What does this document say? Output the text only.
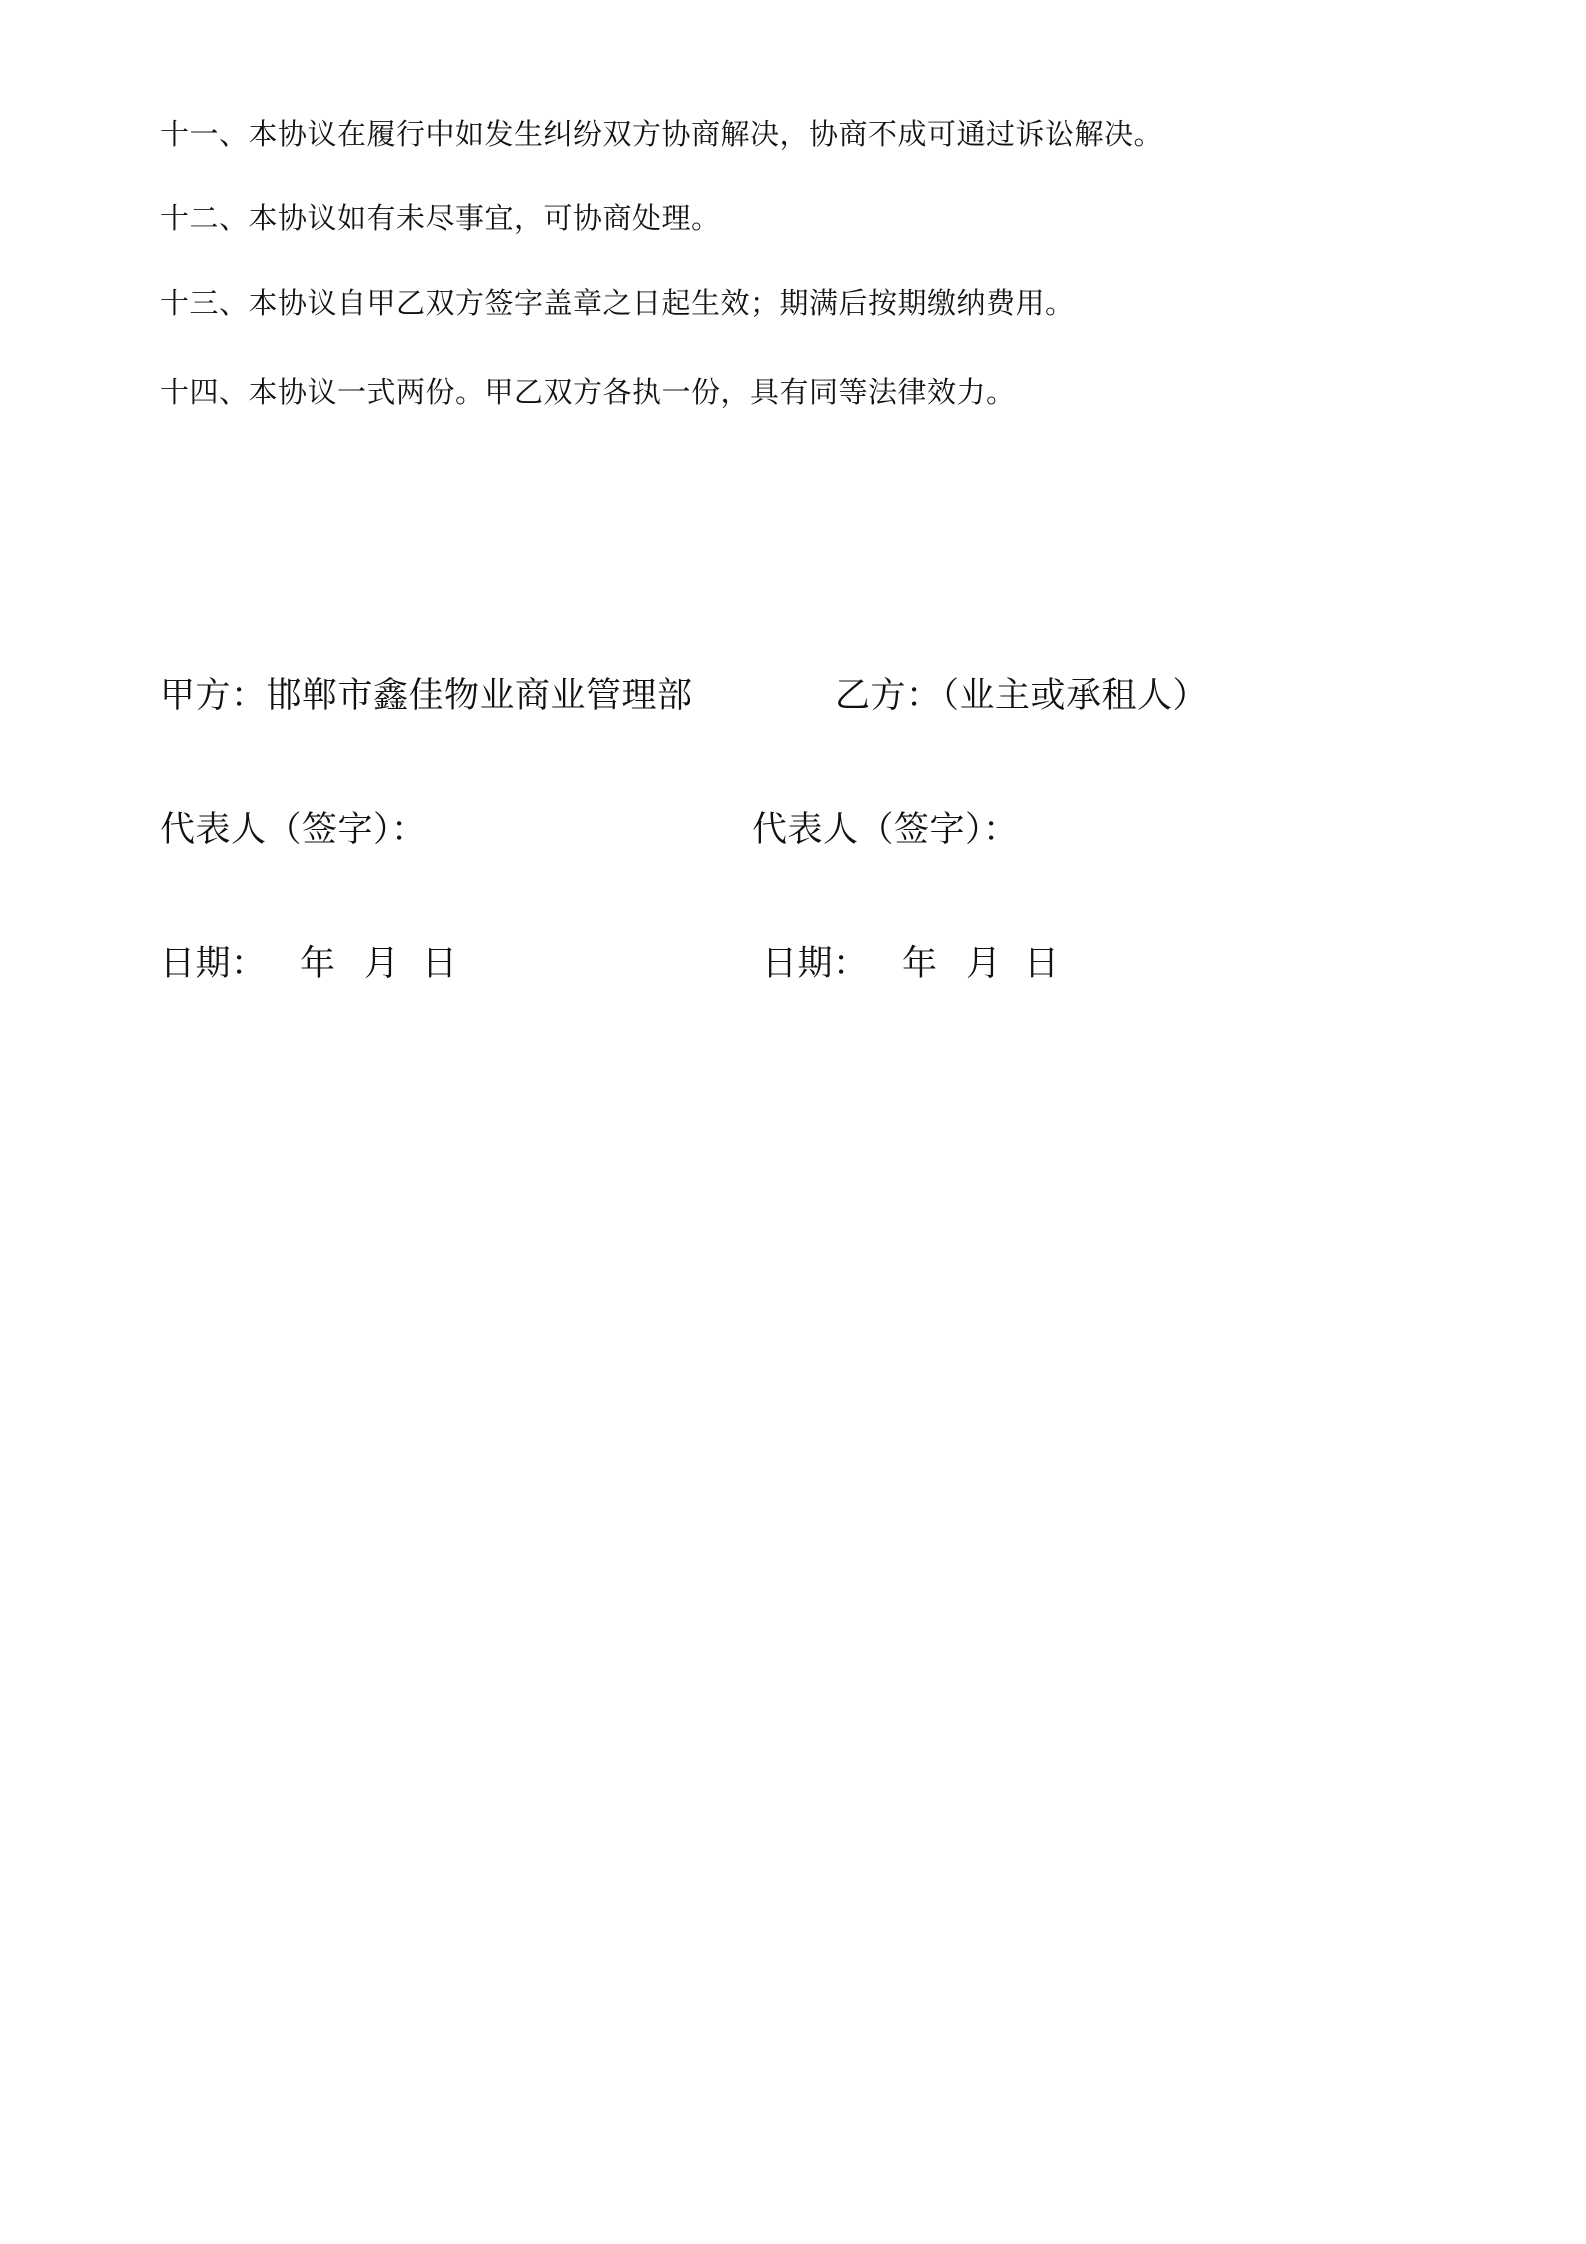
十一、本协议在履行中如发生纠纷双方协商解决，协商不成可通过诉讼解决。
十二、本协议如有未尽事宜，可协商处理。
十三、本协议自甲乙双方签字盖章之日起生效；期满后按期缴纳费用。
十四、本协议一式两份。甲乙双方各执一份，具有同等法律效力。
甲方：邯郸市鑫佳物业商业管理部	乙方：（业主或承租人）
代表人（签字）：	代表人（签字）：
日期： 年 月 日	日期： 年 月 日
